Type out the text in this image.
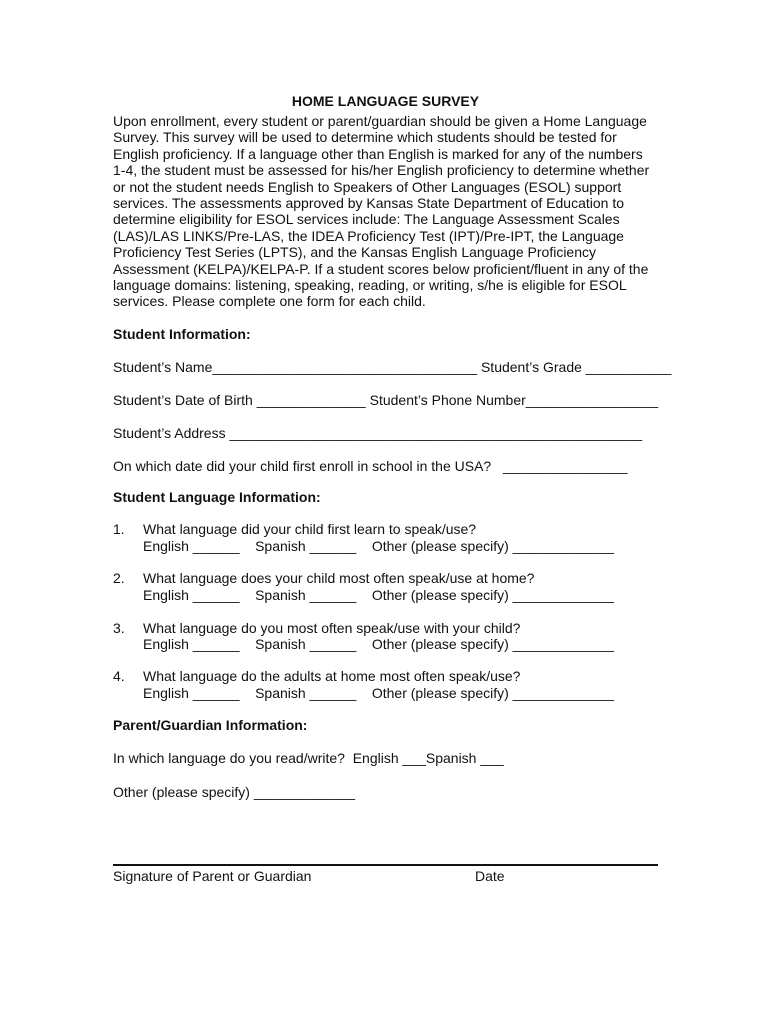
HOME LANGUAGE SURVEY

Upon enrollment, every student or parent/guardian should be given a Home Language
Survey. This survey will be used to determine which students should be tested for
English proficiency. If a language other than English is marked for any of the numbers
1-4, the student must be assessed for his/her English proficiency to determine whether
or not the student needs English to Speakers of Other Languages (ESOL) support
services. The assessments approved by Kansas State Department of Education to
determine eligibility for ESOL services include: The Language Assessment Scales
(LAS)/LAS LINKS/Pre-LAS, the IDEA Proficiency Test (IPT)/Pre-IPT, the Language
Proficiency Test Series (LPTS), and the Kansas English Language Proficiency
Assessment (KELPA)/KELPA-P. If a student scores below proficient/fluent in any of the
language domains: listening, speaking, reading, or writing, s/he is eligible for ESOL
services. Please complete one form for each child.

Student Information:
Student’s Name__________________________________ Student’s Grade ___________
Student’s Date of Birth ______________ Student’s Phone Number_________________
Student’s Address _____________________________________________________
On which date did your child first enroll in school in the USA?   ________________
Student Language Information:
1. What language did your child first learn to speak/use?
English ______    Spanish ______    Other (please specify) _____________
2. What language does your child most often speak/use at home?
English ______    Spanish ______    Other (please specify) _____________
3. What language do you most often speak/use with your child?
English ______    Spanish ______    Other (please specify) _____________
4. What language do the adults at home most often speak/use?
English ______    Spanish ______    Other (please specify) _____________
Parent/Guardian Information:
In which language do you read/write?  English ___Spanish ___
Other (please specify) _____________
Signature of Parent or Guardian	Date
